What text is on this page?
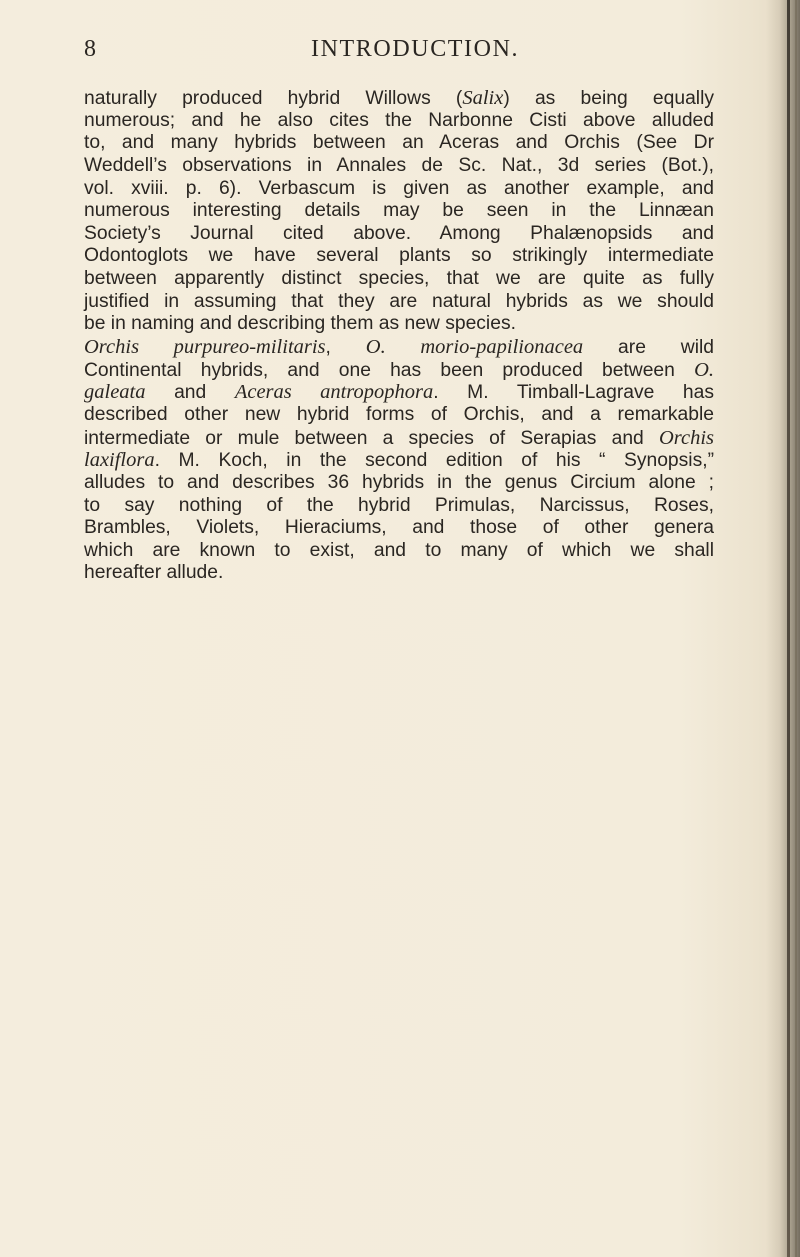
8	INTRODUCTION.
naturally produced hybrid Willows (Salix) as being equally
numerous; and he also cites the Narbonne Cisti above alluded
to, and many hybrids between an Aceras and Orchis (See Dr
Weddell’s observations in Annales de Sc. Nat., 3d series (Bot.),
vol. xviii. p. 6). Verbascum is given as another example, and
numerous interesting details may be seen in the Linnæan
Society’s Journal cited above. Among Phalænopsids and
Odontoglots we have several plants so strikingly intermediate
between apparently distinct species, that we are quite as fully
justified in assuming that they are natural hybrids as we should
be in naming and describing them as new species.
Orchis purpureo-militaris, O. morio-papilionacea are wild
Continental hybrids, and one has been produced between O.
galeata and Aceras antropophora. M. Timball-Lagrave has
described other new hybrid forms of Orchis, and a remarkable
intermediate or mule between a species of Serapias and Orchis
laxiflora. M. Koch, in the second edition of his “ Synopsis,”
alludes to and describes 36 hybrids in the genus Circium alone ;
to say nothing of the hybrid Primulas, Narcissus, Roses,
Brambles, Violets, Hieraciums, and those of other genera
which are known to exist, and to many of which we shall
hereafter allude.
